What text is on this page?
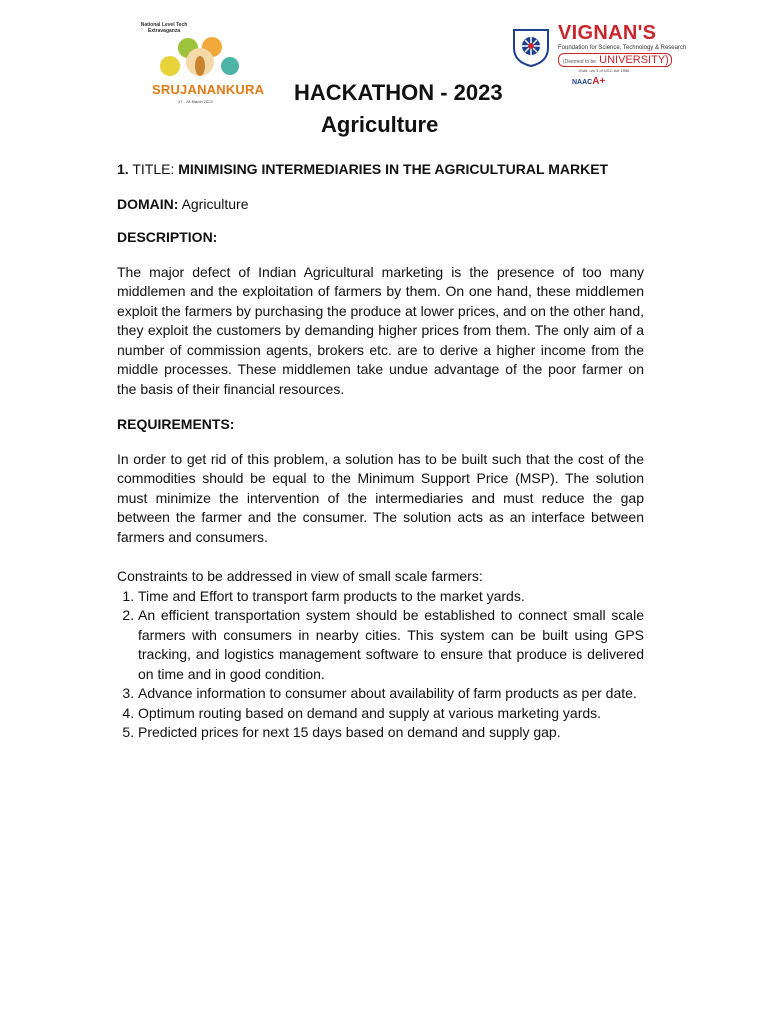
National Level Tech Extravaganza
SRUJANANKURA
27 - 28 March 2023
VIGNAN'S
Foundation for Science, Technology & Research
(Deemed to be UNIVERSITY)
-Estd. u/s 3 of UGC Act 1956
NAACA+
HACKATHON - 2023
Agriculture

1. TITLE: MINIMISING INTERMEDIARIES IN THE AGRICULTURAL MARKET

DOMAIN: Agriculture

DESCRIPTION:

The major defect of Indian Agricultural marketing is the presence of too many middlemen and the exploitation of farmers by them. On one hand, these middlemen exploit the farmers by purchasing the produce at lower prices, and on the other hand, they exploit the customers by demanding higher prices from them. The only aim of a number of commission agents, brokers etc. are to derive a higher income from the middle processes. These middlemen take undue advantage of the poor farmer on the basis of their financial resources.

REQUIREMENTS:

In order to get rid of this problem, a solution has to be built such that the cost of the commodities should be equal to the Minimum Support Price (MSP). The solution must minimize the intervention of the intermediaries and must reduce the gap between the farmer and the consumer. The solution acts as an interface between farmers and consumers.

Constraints to be addressed in view of small scale farmers:

1. Time and Effort to transport farm products to the market yards.
2. An efficient transportation system should be established to connect small scale farmers with consumers in nearby cities. This system can be built using GPS tracking, and logistics management software to ensure that produce is delivered on time and in good condition.
3. Advance information to consumer about availability of farm products as per date.
4. Optimum routing based on demand and supply at various marketing yards.
5. Predicted prices for next 15 days based on demand and supply gap.
